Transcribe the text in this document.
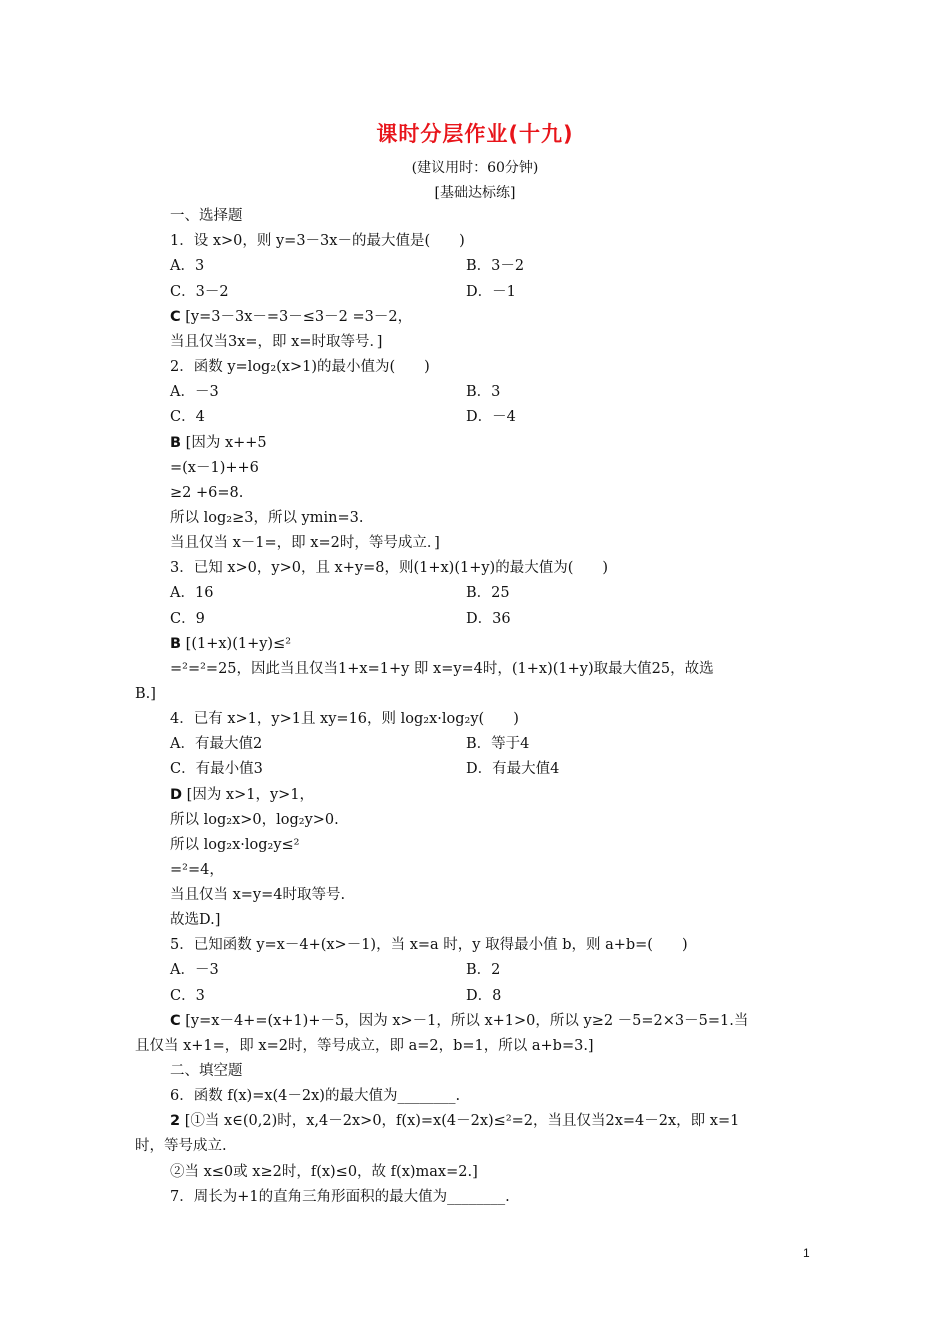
课时分层作业(十九)
(建议用时：60分钟)
[基础达标练]
一、选择题
1．设 x>0，则 y=3－3x－的最大值是(　　)
A．3	B．3－2
C．3－2	D．－1
C [y=3－3x－=3－≤3－2 =3－2，
当且仅当3x=，即 x=时取等号．]
2．函数 y=log₂(x>1)的最小值为(　　)
A．－3	B．3
C．4	D．－4
B [因为 x++5
=(x－1)++6
≥2 +6=8.
所以 log₂≥3，所以 ymin=3.
当且仅当 x－1=，即 x=2时，等号成立．]
3．已知 x>0，y>0，且 x+y=8，则(1+x)(1+y)的最大值为(　　)
A．16	B．25
C．9	D．36
B [(1+x)(1+y)≤²
=²=²=25，因此当且仅当1+x=1+y 即 x=y=4时，(1+x)(1+y)取最大值25，故选
B.]
4．已有 x>1，y>1且 xy=16，则 log₂x·log₂y(　　)
A．有最大值2	B．等于4
C．有最小值3	D．有最大值4
D [因为 x>1，y>1，
所以 log₂x>0，log₂y>0.
所以 log₂x·log₂y≤²
=²=4，
当且仅当 x=y=4时取等号.
故选D.]
5．已知函数 y=x－4+(x>－1)，当 x=a 时，y 取得最小值 b，则 a+b=(　　)
A．－3	B．2
C．3	D．8
C [y=x－4+=(x+1)+－5，因为 x>－1，所以 x+1>0，所以 y≥2 －5=2×3－5=1.当
且仅当 x+1=，即 x=2时，等号成立，即 a=2，b=1，所以 a+b=3.]
二、填空题
6．函数 f(x)=x(4－2x)的最大值为________.
2 [①当 x∈(0,2)时，x,4－2x>0，f(x)=x(4－2x)≤²=2，当且仅当2x=4－2x，即 x=1
时，等号成立.
②当 x≤0或 x≥2时，f(x)≤0，故 f(x)max=2.]
7．周长为+1的直角三角形面积的最大值为________.
1
